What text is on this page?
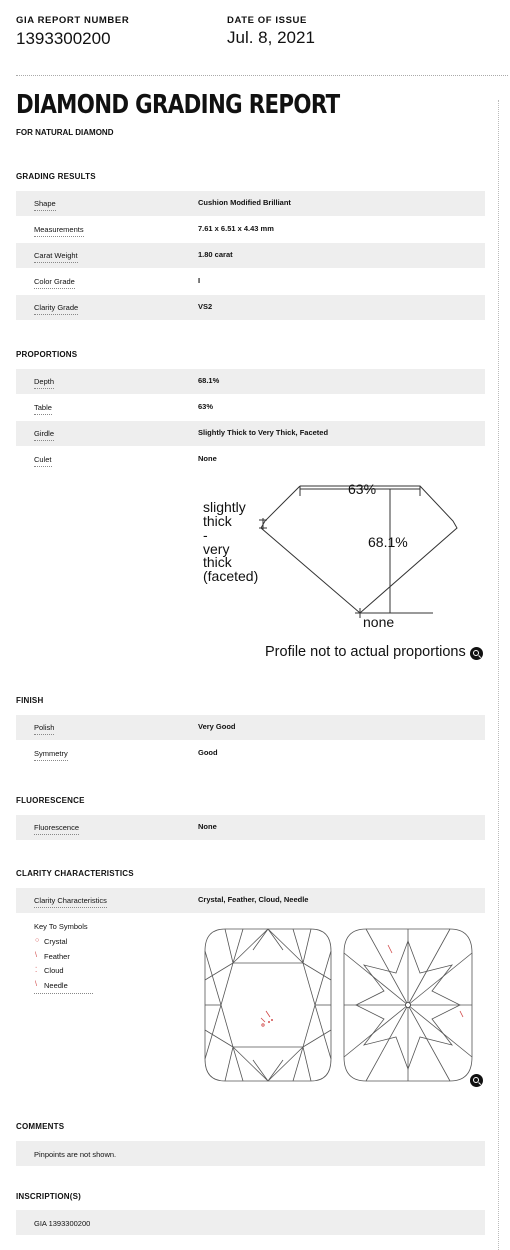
GIA REPORT NUMBER
1393300200
DATE OF ISSUE
Jul. 8, 2021
DIAMOND GRADING REPORT
FOR NATURAL DIAMOND
GRADING RESULTS
Shape	Cushion Modified Brilliant
Measurements	7.61 x 6.51 x 4.43 mm
Carat Weight	1.80 carat
Color Grade	I
Clarity Grade	VS2
PROPORTIONS
Depth	68.1%
Table	63%
Girdle	Slightly Thick to Very Thick, Faceted
Culet	None
63%
68.1%
slightly
thick
-
very
thick
(faceted)
none
Profile not to actual proportions
FINISH
Polish	Very Good
Symmetry	Good
FLUORESCENCE
Fluorescence	None
CLARITY CHARACTERISTICS
Clarity Characteristics	Crystal, Feather, Cloud, Needle
Key To Symbols
○ Crystal
\ Feather
⁚ Cloud
\ Needle
COMMENTS
Pinpoints are not shown.
INSCRIPTION(S)
GIA 1393300200
